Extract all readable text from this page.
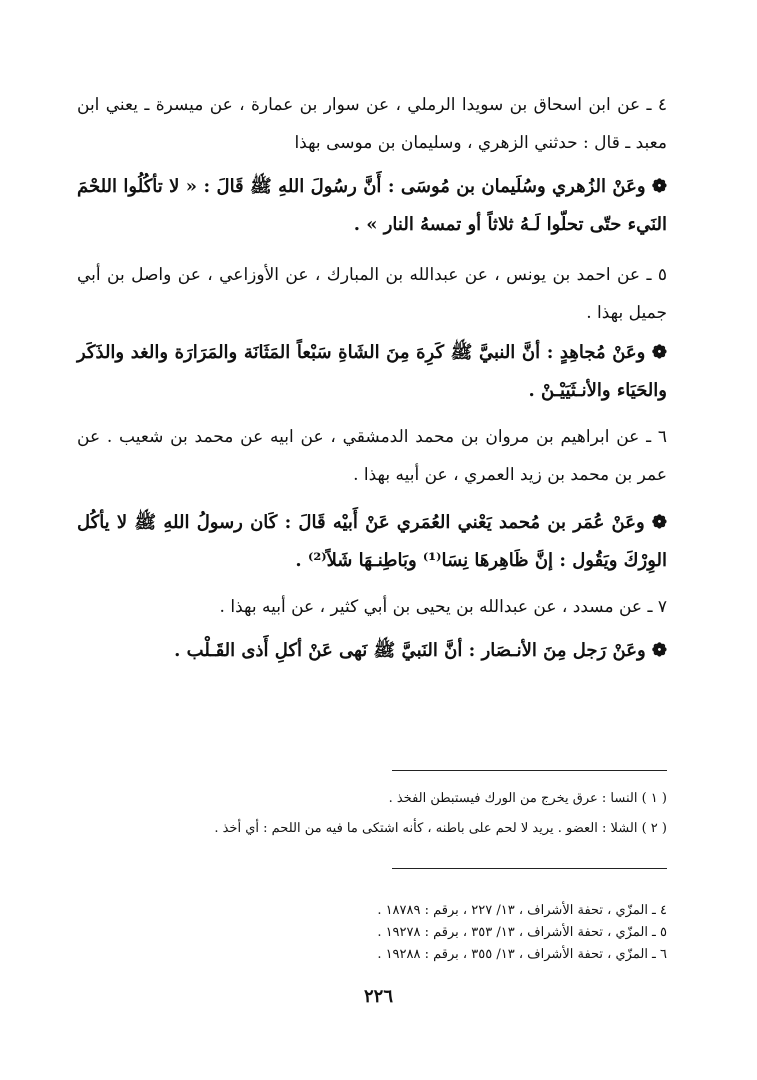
٤ ـ عن ابن اسحاق بن سويدا الرملي ، عن سوار بن عمارة ، عن ميسرة ـ يعني ابن معبد ـ قال : حدثني الزهري ، وسليمان بن موسى بهذا

❁ وعَنْ الزُهري وسُلَيمان بن مُوسَى : أَنَّ رسُولَ اللهِ ﷺ قَالَ : « لا تأكُلُوا اللحْمَ النَيء حتّى تحلّوا لَـهُ ثلاثاً أو تمسهُ النار » .

٥ ـ عن احمد بن يونس ، عن عبدالله بن المبارك ، عن الأوزاعي ، عن واصل بن أبي جميل بهذا .

❁ وعَنْ مُجاهِدٍ : أنَّ النبيَّ ﷺ كَرِهَ مِنَ الشَاةِ سَبْعاً المَثَانَة والمَرَارَة والغد والذَكَر والحَيَاء والأنـثَيَيْـنْ .

٦ ـ عن ابراهيم بن مروان بن محمد الدمشقي ، عن ابيه عن محمد بن شعيب . عن عمر بن محمد بن زيد العمري ، عن أبيه بهذا .

❁ وعَنْ عُمَر بن مُحمد يَعْني العُمَري عَنْ أَبيْه قَالَ : كَان رسولُ اللهِ ﷺ لا يأكُل الوِرْكَ ويَقُول : إنَّ ظَاهِرهَا نِسَا⁽¹⁾ وبَاطِنـهَا شَلاً⁽²⁾ .

٧ ـ عن مسدد ، عن عبدالله بن يحيى بن أبي كثير ، عن أبيه بهذا .

❁ وعَنْ رَجل مِنَ الأنـصَار : أنَّ النَبيَّ ﷺ نَهى عَنْ أكلِ أَذى القَـلْب .

( ١ ) النسا : عرق يخرج من الورك فيستبطن الفخذ .
( ٢ ) الشلا : العضو . يريد لا لحم على باطنه ، كأنه اشتكى ما فيه من اللحم : أي أخذ .
٤ ـ المزّي ، تحفة الأشراف ، ١٣/ ٢٢٧ ، برقم : ١٨٧٨٩ .
٥ ـ المزّي ، تحفة الأشراف ، ١٣/ ٣٥٣ ، برقم : ١٩٢٧٨ .
٦ ـ المزّي ، تحفة الأشراف ، ١٣/ ٣٥٥ ، برقم : ١٩٢٨٨ .
٢٢٦
